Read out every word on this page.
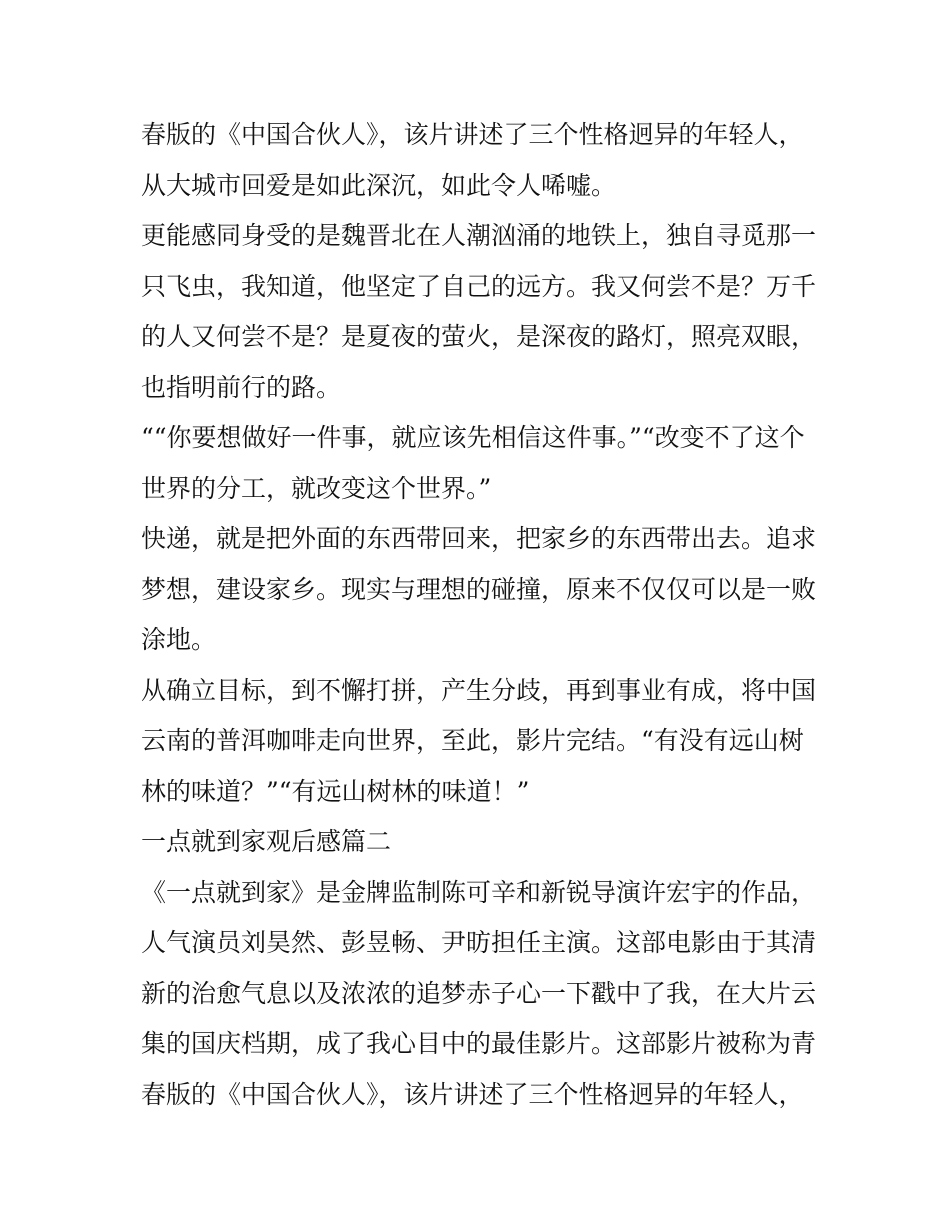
春版的《中国合伙人》，该片讲述了三个性格迥异的年轻人，
从大城市回爱是如此深沉，如此令人唏嘘。
更能感同身受的是魏晋北在人潮汹涌的地铁上，独自寻觅那一
只飞虫，我知道，他坚定了自己的远方。我又何尝不是？万千
的人又何尝不是？是夏夜的萤火，是深夜的路灯，照亮双眼，
也指明前行的路。
““你要想做好一件事，就应该先相信这件事。”“改变不了这个
世界的分工，就改变这个世界。”
快递，就是把外面的东西带回来，把家乡的东西带出去。追求
梦想，建设家乡。现实与理想的碰撞，原来不仅仅可以是一败
涂地。
从确立目标，到不懈打拼，产生分歧，再到事业有成，将中国
云南的普洱咖啡走向世界，至此，影片完结。“有没有远山树
林的味道？”“有远山树林的味道！”
一点就到家观后感篇二
《一点就到家》是金牌监制陈可辛和新锐导演许宏宇的作品，
人气演员刘昊然、彭昱畅、尹昉担任主演。这部电影由于其清
新的治愈气息以及浓浓的追梦赤子心一下戳中了我，在大片云
集的国庆档期，成了我心目中的最佳影片。这部影片被称为青
春版的《中国合伙人》，该片讲述了三个性格迥异的年轻人，
